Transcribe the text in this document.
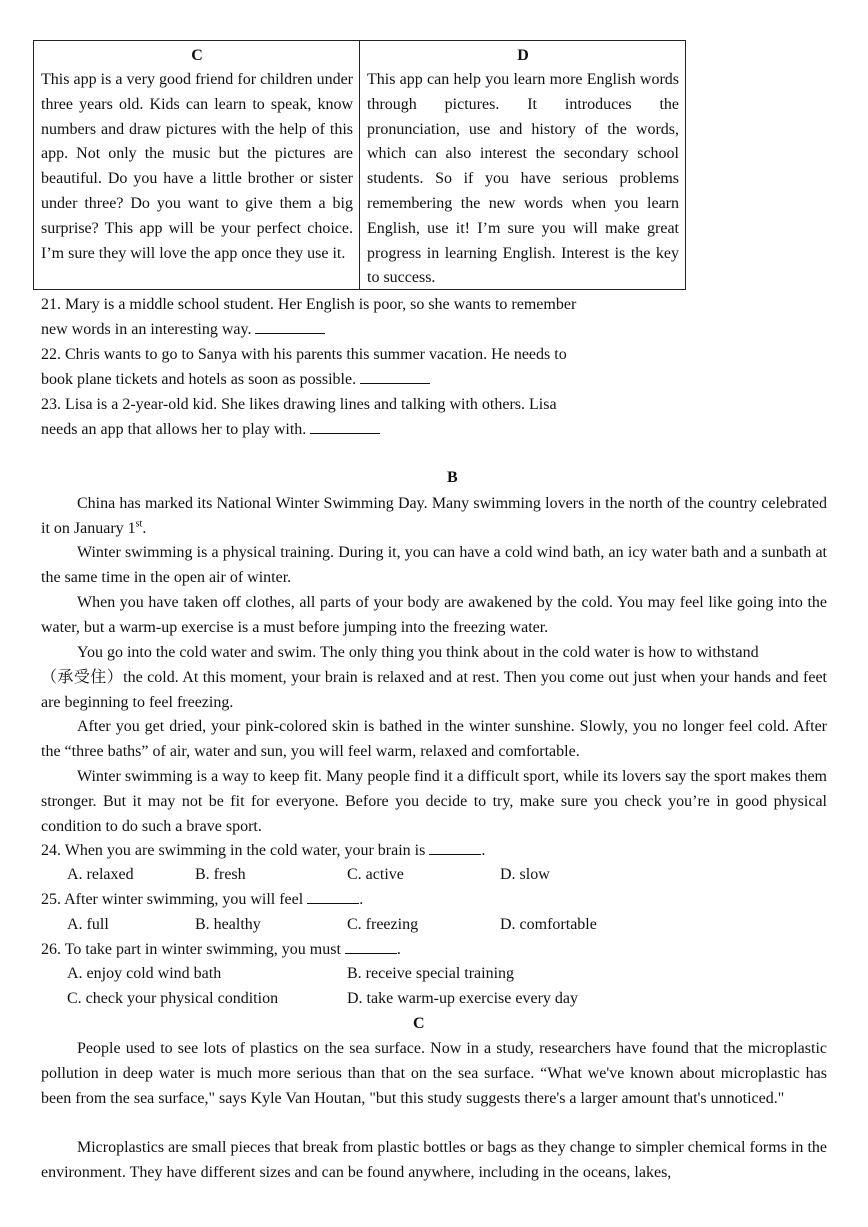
C
This app is a very good friend for children under three years old. Kids can learn to speak, know numbers and draw pictures with the help of this app. Not only the music but the pictures are beautiful. Do you have a little brother or sister under three? Do you want to give them a big surprise? This app will be your perfect choice. I’m sure they will love the app once they use it.
D
This app can help you learn more English words through pictures. It introduces the pronunciation, use and history of the words, which can also interest the secondary school students. So if you have serious problems remembering the new words when you learn English, use it! I’m sure you will make great progress in learning English. Interest is the key to success.
21. Mary is a middle school student. Her English is poor, so she wants to remember
new words in an interesting way.
22. Chris wants to go to Sanya with his parents this summer vacation. He needs to
book plane tickets and hotels as soon as possible.
23. Lisa is a 2-year-old kid. She likes drawing lines and talking with others. Lisa
needs an app that allows her to play with.
B
China has marked its National Winter Swimming Day. Many swimming lovers in the north of the country celebrated it on January 1st.
Winter swimming is a physical training. During it, you can have a cold wind bath, an icy water bath and a sunbath at the same time in the open air of winter.
When you have taken off clothes, all parts of your body are awakened by the cold. You may feel like going into the water, but a warm-up exercise is a must before jumping into the freezing water.
You go into the cold water and swim. The only thing you think about in the cold water is how to withstand
（承受住）the cold. At this moment, your brain is relaxed and at rest. Then you come out just when your hands and feet are beginning to feel freezing.
After you get dried, your pink-colored skin is bathed in the winter sunshine. Slowly, you no longer feel cold. After the “three baths” of air, water and sun, you will feel warm, relaxed and comfortable.
Winter swimming is a way to keep fit. Many people find it a difficult sport, while its lovers say the sport makes them stronger. But it may not be fit for everyone. Before you decide to try, make sure you check you’re in good physical condition to do such a brave sport.
24. When you are swimming in the cold water, your brain is	.
A. relaxed	B. fresh	C. active	D. slow
25. After winter swimming, you will feel	.
A. full	B. healthy	C. freezing	D. comfortable
26. To take part in winter swimming, you must	.
A. enjoy cold wind bath	B. receive special training
C. check your physical condition	D. take warm-up exercise every day
C
People used to see lots of plastics on the sea surface. Now in a study, researchers have found that the microplastic pollution in deep water is much more serious than that on the sea surface. “What we've known about microplastic has been from the sea surface," says Kyle Van Houtan, "but this study suggests there's a larger amount that's unnoticed."
Microplastics are small pieces that break from plastic bottles or bags as they change to simpler chemical forms in the environment. They have different sizes and can be found anywhere, including in the oceans, lakes,
